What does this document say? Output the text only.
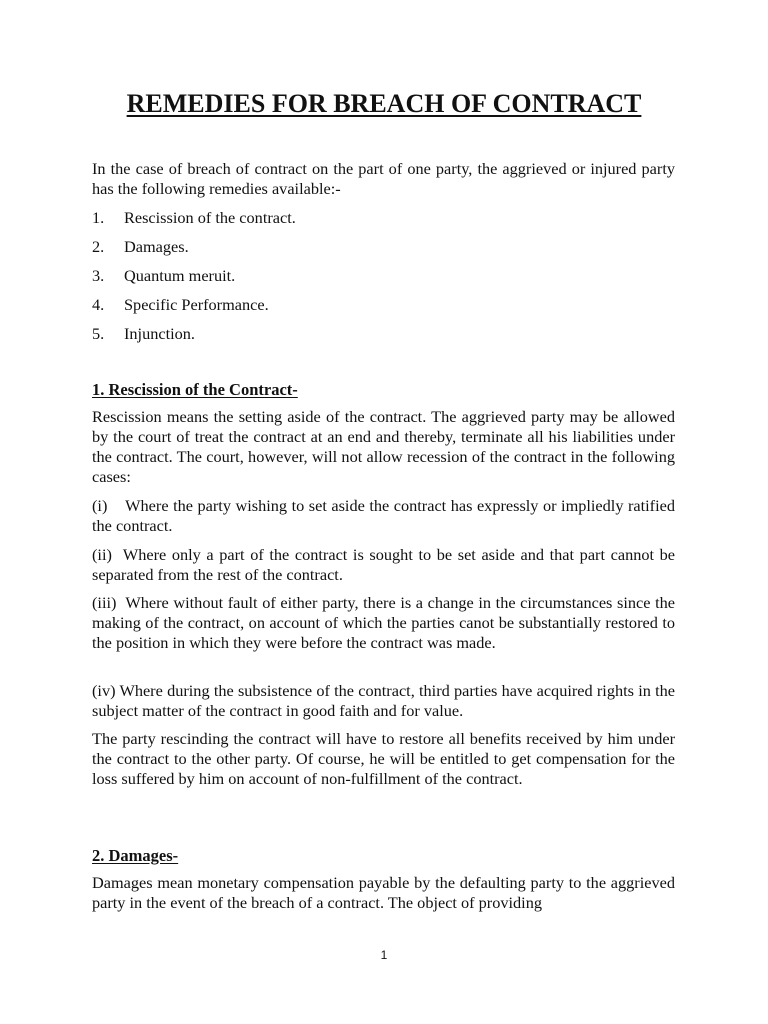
REMEDIES FOR BREACH OF CONTRACT

In the case of breach of contract on the part of one party, the aggrieved or injured party has the following remedies available:-

1.	Rescission of the contract.
2.	Damages.
3.	Quantum meruit.
4.	Specific Performance.
5.	Injunction.
1. Rescission of the Contract-

Rescission means the setting aside of the contract. The aggrieved party may be allowed by the court of treat the contract at an end and thereby, terminate all his liabilities under the contract. The court, however, will not allow recession of the contract in the following cases:

(i)    Where the party wishing to set aside the contract has expressly or impliedly ratified the contract.

(ii)  Where only a part of the contract is sought to be set aside and that part cannot be separated from the rest of the contract.

(iii)  Where without fault of either party, there is a change in the circumstances since the making of the contract, on account of which the parties canot be substantially restored to the position in which they were before the contract was made.

(iv) Where during the subsistence of the contract, third parties have acquired rights in the subject matter of the contract in good faith and for value.

The party rescinding the contract will have to restore all benefits received by him under the contract to the other party. Of course, he will be entitled to get compensation for the loss suffered by him on account of non-fulfillment of the contract.

2. Damages-

Damages mean monetary compensation payable by the defaulting party to the aggrieved party in the event of the breach of a contract. The object of providing

1
